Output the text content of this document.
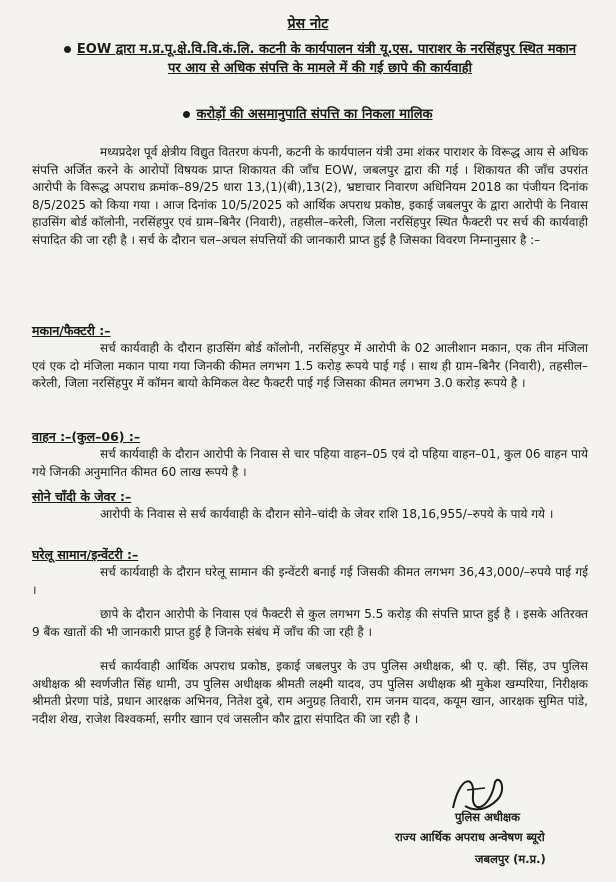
प्रेस नोट
EOW द्वारा म.प्र.पू.क्षे.वि.वि.कं.लि. कटनी के कार्यपालन यंत्री यू.एस. पाराशर के नरसिंहपुर स्थित मकान पर आय से अधिक संपत्ति के मामले में की गई छापे की कार्यवाही
करोड़ों की असमानुपाति संपत्ति का निकला मालिक
मध्यप्रदेश पूर्व क्षेत्रीय विद्युत वितरण कंपनी, कटनी के कार्यपालन यंत्री उमा शंकर पाराशर के विरूद्ध आय से अधिक संपत्ति अर्जित करने के आरोपों विषयक प्राप्त शिकायत की जाँच EOW, जबलपुर द्वारा की गई । शिकायत की जाँच उपरांत आरोपी के विरूद्ध अपराध क्रमांक–89/25 धारा 13,(1)(बी),13(2), भ्रष्टाचार निवारण अधिनियम 2018 का पंजीयन दिनांक 8/5/2025 को किया गया । आज दिनांक 10/5/2025 को आर्थिक अपराध प्रकोष्ठ, इकाई जबलपुर के द्वारा आरोपी के निवास हाउसिंग बोर्ड कॉलोनी, नरसिंहपुर एवं ग्राम–बिनैर (निवारी), तहसील–करेली, जिला नरसिंहपुर स्थित फैक्टरी पर सर्च की कार्यवाही संपादित की जा रही है । सर्च के दौरान चल–अचल संपत्तियों की जानकारी प्राप्त हुई है जिसका विवरण निम्नानुसार है :–
मकान/फैक्टरी :–
सर्च कार्यवाही के दौरान हाउसिंग बोर्ड कॉलोनी, नरसिंहपुर में आरोपी के 02 आलीशान मकान, एक तीन मंजिला एवं एक दो मंजिला मकान पाया गया जिनकी कीमत लगभग 1.5 करोड़ रूपये पाई गई । साथ ही ग्राम–बिनैर (निवारी), तहसील–करेली, जिला नरसिंहपुर में कॉमन बायो केमिकल वेस्ट फैक्टरी पाई गई जिसका कीमत लगभग 3.0 करोड़ रूपये है ।
वाहन :–(कुल–06) :–
सर्च कार्यवाही के दौरान आरोपी के निवास से चार पहिया वाहन–05 एवं दो पहिया वाहन–01, कुल 06 वाहन पाये गये जिनकी अनुमानित कीमत 60 लाख रूपये है ।
सोने चाँदी के जेवर :–
आरोपी के निवास से सर्च कार्यवाही के दौरान सोने–चांदी के जेवर राशि 18,16,955/–रुपये के पाये गये ।
घरेलू सामान/इन्वेंटरी :–
सर्च कार्यवाही के दौरान घरेलू सामान की इन्वेंटरी बनाई गई जिसकी कीमत लगभग 36,43,000/–रुपये पाई गई ।
छापे के दौरान आरोपी के निवास एवं फैक्टरी से कुल लगभग 5.5 करोड़ की संपत्ति प्राप्त हुई है । इसके अतिरक्त 9 बैंक खातों की भी जानकारी प्राप्त हुई है जिनके संबंध में जाँच की जा रही है ।
सर्च कार्यवाही आर्थिक अपराध प्रकोष्ठ, इकाई जबलपुर के उप पुलिस अधीक्षक, श्री ए. व्ही. सिंह, उप पुलिस अधीक्षक श्री स्वर्णजीत सिंह धामी, उप पुलिस अधीक्षक श्रीमती लक्ष्मी यादव, उप पुलिस अधीक्षक श्री मुकेश खम्परिया, निरीक्षक श्रीमती प्रेरणा पांडे, प्रधान आरक्षक अभिनव, नितेश दुबे, राम अनुग्रह तिवारी, राम जनम यादव, कयूम खान, आरक्षक सुमित पांडे, नदीश शेख, राजेश विश्वकर्मा, सगीर खाान एवं जसलीन कौर द्वारा संपादित की जा रही है ।
पुलिस अधीक्षक
राज्य आर्थिक अपराध अन्वेषण ब्यूरो
जबलपुर (म.प्र.)
